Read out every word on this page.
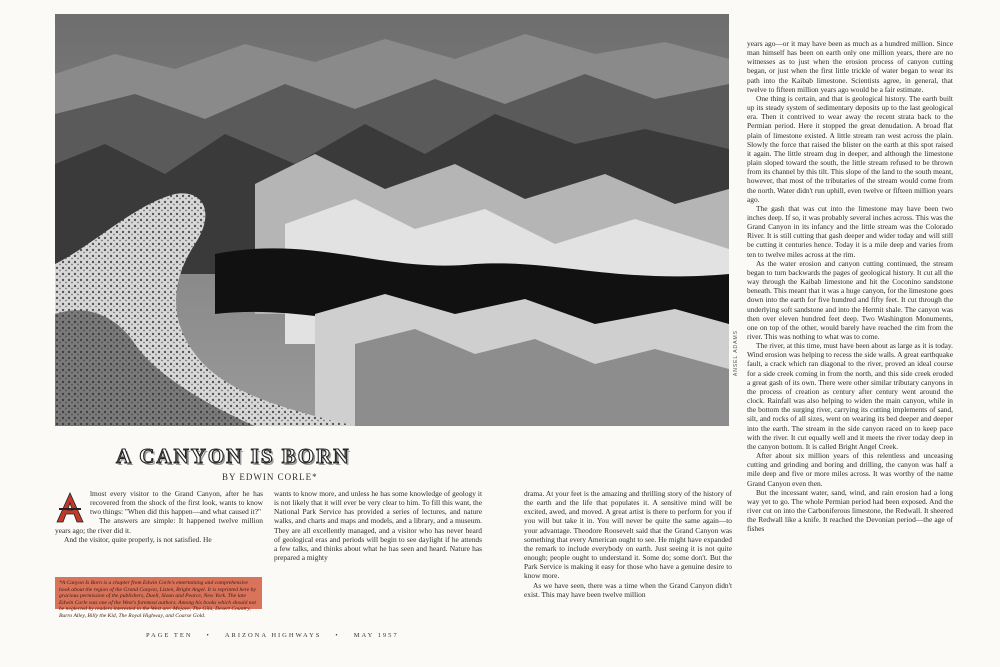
ANSEL ADAMS
A CANYON IS BORN
BY EDWIN CORLE*

lmost every visitor to the Grand Canyon, after he has recovered from the shock of the first look, wants to know two things: "When did this happen—and what caused it?"

The answers are simple: It happened twelve million years ago; the river did it.

And the visitor, quite properly, is not satisfied. He

*A Canyon Is Born is a chapter from Edwin Corle's entertaining and comprehensive book about the region of the Grand Canyon, Listen, Bright Angel. It is reprinted here by gracious permission of the publishers, Duell, Sloan and Pearce, New York. The late Edwin Corle was one of the West's foremost authors. Among his books which should not be neglected by readers interested in the West are: Mojave, The Gila, Desert Country, Burro Alley, Billy the Kid, The Royal Highway, and Coarse Gold.

wants to know more, and unless he has some knowledge of geology it is not likely that it will ever be very clear to him. To fill this want, the National Park Service has provided a series of lectures, and nature walks, and charts and maps and models, and a library, and a museum. They are all excellently managed, and a visitor who has never heard of geological eras and periods will begin to see daylight if he attends a few talks, and thinks about what he has seen and heard. Nature has prepared a mighty

drama. At your feet is the amazing and thrilling story of the history of the earth and the life that populates it. A sensitive mind will be excited, awed, and moved. A great artist is there to perform for you if you will but take it in. You will never be quite the same again—to your advantage. Theodore Roosevelt said that the Grand Canyon was something that every American ought to see. He might have expanded the remark to include everybody on earth. Just seeing it is not quite enough; people ought to understand it. Some do; some don't. But the Park Service is making it easy for those who have a genuine desire to know more.

As we have seen, there was a time when the Grand Canyon didn't exist. This may have been twelve million

years ago—or it may have been as much as a hundred million. Since man himself has been on earth only one million years, there are no witnesses as to just when the erosion process of canyon cutting began, or just when the first little trickle of water began to wear its path into the Kaibab limestone. Scientists agree, in general, that twelve to fifteen million years ago would be a fair estimate.

One thing is certain, and that is geological history. The earth built up its steady system of sedimentary deposits up to the last geological era. Then it contrived to wear away the recent strata back to the Permian period. Here it stopped the great denudation. A broad flat plain of limestone existed. A little stream ran west across the plain. Slowly the force that raised the blister on the earth at this spot raised it again. The little stream dug in deeper, and although the limestone plain sloped toward the south, the little stream refused to be thrown from its channel by this tilt. This slope of the land to the south meant, however, that most of the tributaries of the stream would come from the north. Water didn't run uphill, even twelve or fifteen million years ago.

The gash that was cut into the limestone may have been two inches deep. If so, it was probably several inches across. This was the Grand Canyon in its infancy and the little stream was the Colorado River. It is still cutting that gash deeper and wider today and will still be cutting it centuries hence. Today it is a mile deep and varies from ten to twelve miles across at the rim.

As the water erosion and canyon cutting continued, the stream began to turn backwards the pages of geological history. It cut all the way through the Kaibab limestone and hit the Coconino sandstone beneath. This meant that it was a huge canyon, for the limestone goes down into the earth for five hundred and fifty feet. It cut through the underlying soft sandstone and into the Hermit shale. The canyon was then over eleven hundred feet deep. Two Washington Monuments, one on top of the other, would barely have reached the rim from the river. This was nothing to what was to come.

The river, at this time, must have been about as large as it is today. Wind erosion was helping to recess the side walls. A great earthquake fault, a crack which ran diagonal to the river, proved an ideal course for a side creek coming in from the north, and this side creek eroded a great gash of its own. There were other similar tributary canyons in the process of creation as century after century went around the clock. Rainfall was also helping to widen the main canyon, while in the bottom the surging river, carrying its cutting implements of sand, silt, and rocks of all sizes, went on wearing its bed deeper and deeper into the earth. The stream in the side canyon raced on to keep pace with the river. It cut equally well and it meets the river today deep in the canyon bottom. It is called Bright Angel Creek.

After about six million years of this relentless and unceasing cutting and grinding and boring and drilling, the canyon was half a mile deep and five or more miles across. It was worthy of the name Grand Canyon even then.

But the incessant water, sand, wind, and rain erosion had a long way yet to go. The whole Permian period had been exposed. And the river cut on into the Carboniferous limestone, the Redwall. It sheered the Redwall like a knife. It reached the Devonian period—the age of fishes

PAGE TEN • ARIZONA HIGHWAYS • MAY 1957
